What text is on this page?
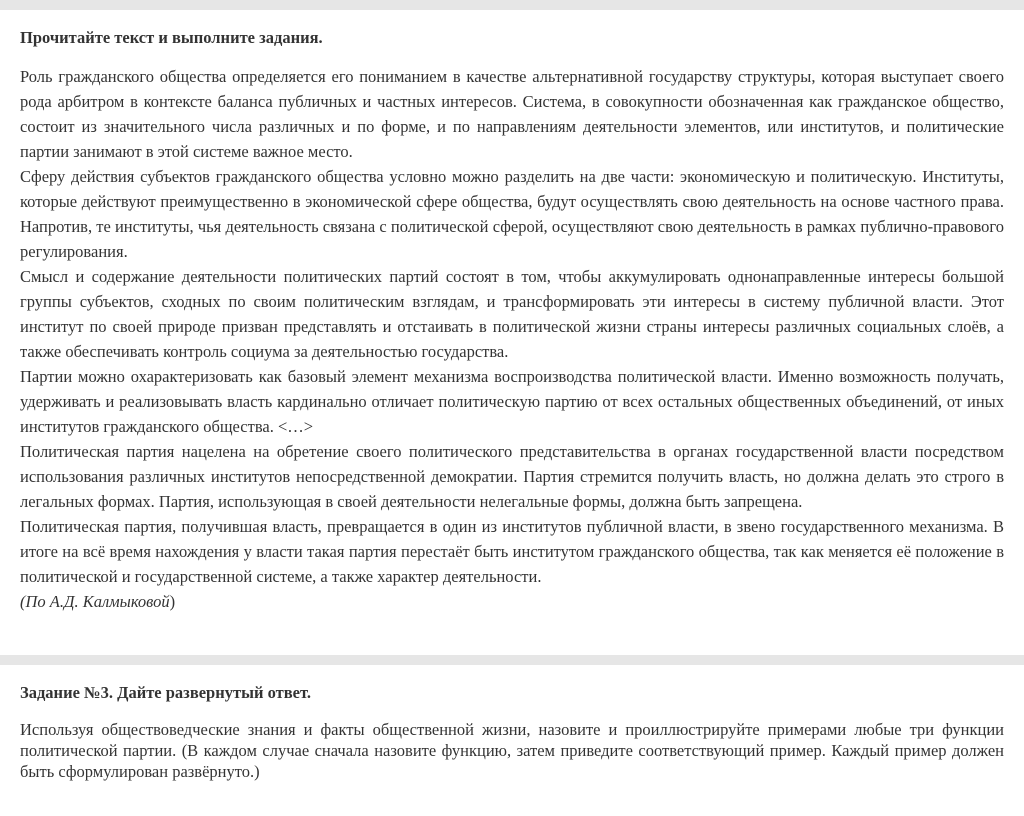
Прочитайте текст и выполните задания.

Роль гражданского общества определяется его пониманием в качестве альтернативной государству структуры, которая выступает своего рода арбитром в контексте баланса публичных и частных интересов. Система, в совокупности обозначенная как гражданское общество, состоит из значительного числа различных и по форме, и по направлениям деятельности элементов, или институтов, и политические партии занимают в этой системе важное место.

Сферу действия субъектов гражданского общества условно можно разделить на две части: экономическую и политическую. Институты, которые действуют преимущественно в экономической сфере общества, будут осуществлять свою деятельность на основе частного права. Напротив, те институты, чья деятельность связана с политической сферой, осуществляют свою деятельность в рамках публично-правового регулирования.

Смысл и содержание деятельности политических партий состоят в том, чтобы аккумулировать однонаправленные интересы большой группы субъектов, сходных по своим политическим взглядам, и трансформировать эти интересы в систему публичной власти. Этот институт по своей природе призван представлять и отстаивать в политической жизни страны интересы различных социальных слоёв, а также обеспечивать контроль социума за деятельностью государства.

Партии можно охарактеризовать как базовый элемент механизма воспроизводства политической власти. Именно возможность получать, удерживать и реализовывать власть кардинально отличает политическую партию от всех остальных общественных объединений, от иных институтов гражданского общества. <…>

Политическая партия нацелена на обретение своего политического представительства в органах государственной власти посредством использования различных институтов непосредственной демократии. Партия стремится получить власть, но должна делать это строго в легальных формах. Партия, использующая в своей деятельности нелегальные формы, должна быть запрещена.

Политическая партия, получившая власть, превращается в один из институтов публичной власти, в звено государственного механизма. В итоге на всё время нахождения у власти такая партия перестаёт быть институтом гражданского общества, так как меняется её положение в политической и государственной системе, а также характер деятельности.

(По А.Д. Калмыковой)

Задание №3. Дайте развернутый ответ.
Используя обществоведческие знания и факты общественной жизни, назовите и проиллюстрируйте примерами любые три функции политической партии. (В каждом случае сначала назовите функцию, затем приведите соответствующий пример. Каждый пример должен быть сформулирован развёрнуто.)
